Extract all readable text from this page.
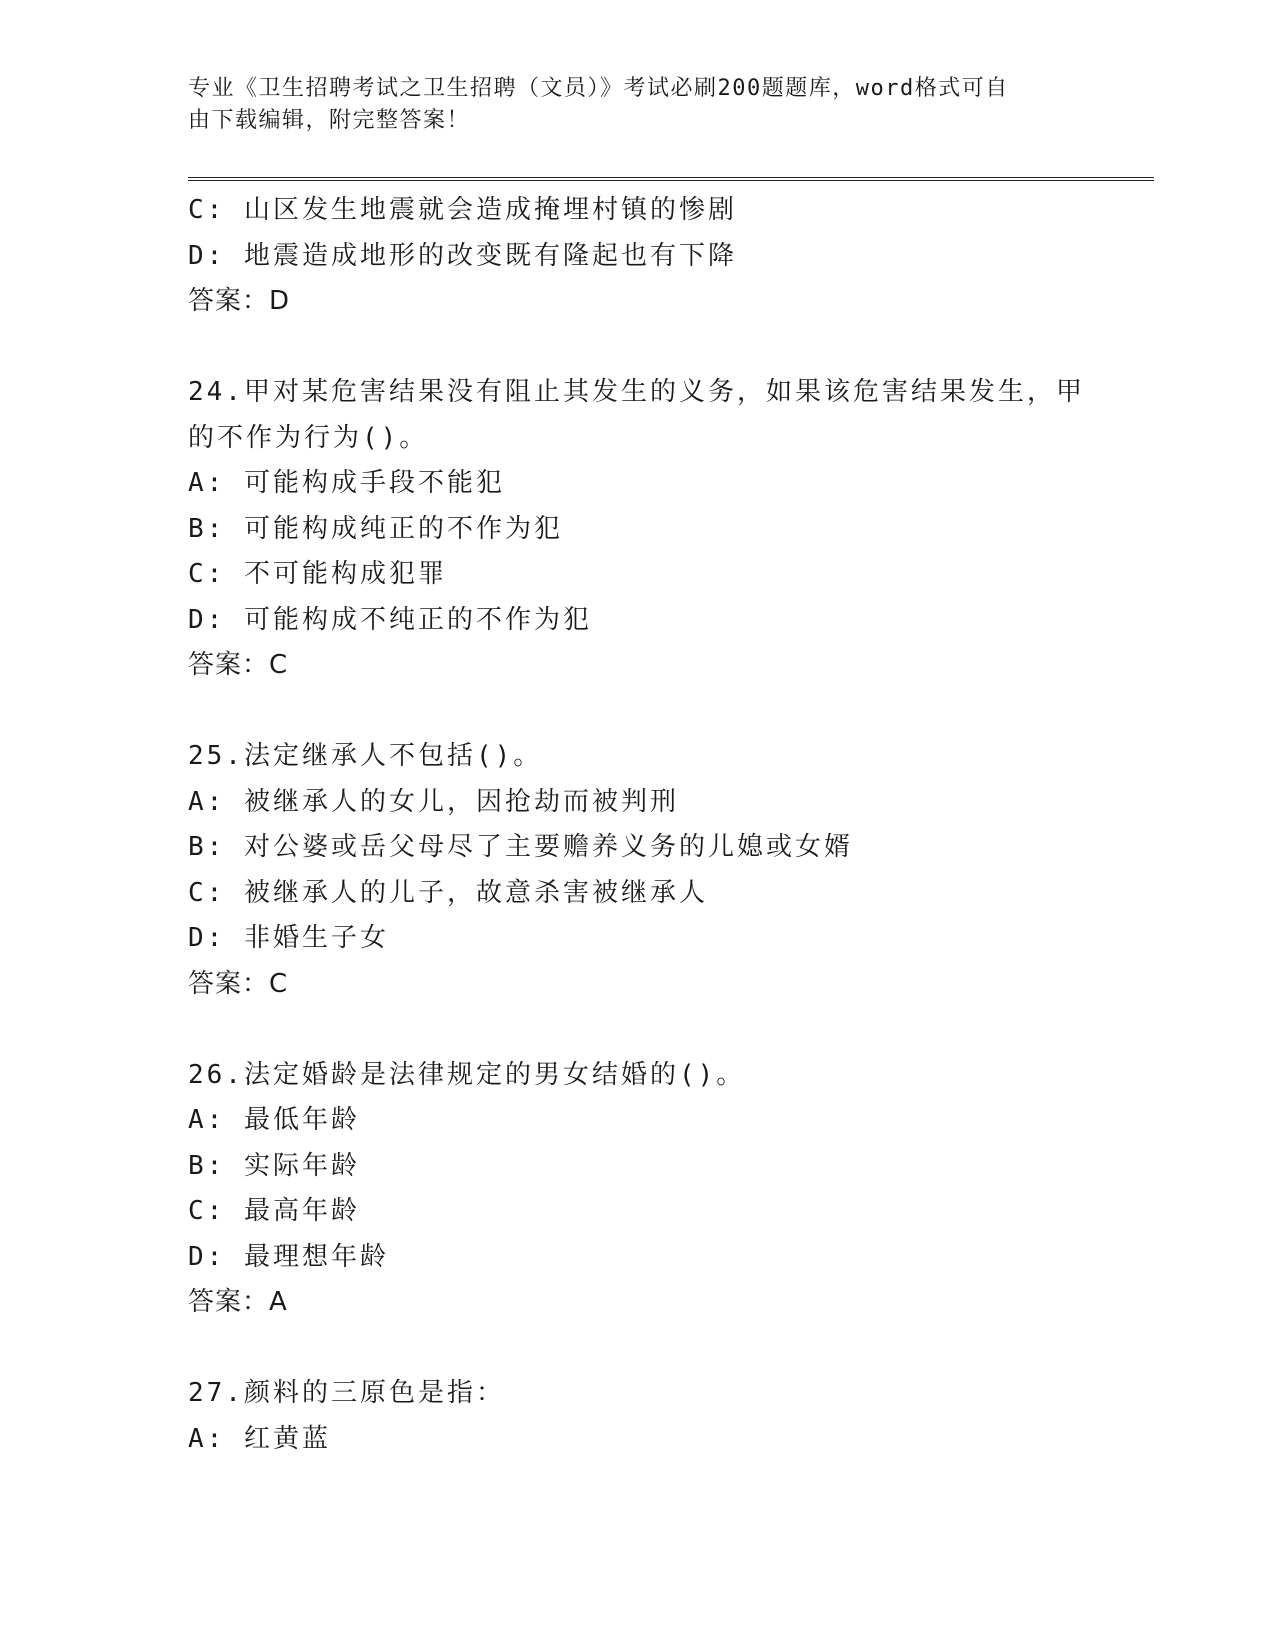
专业《卫生招聘考试之卫生招聘（文员）》考试必刷200题题库，word格式可自
由下载编辑，附完整答案！
C: 山区发生地震就会造成掩埋村镇的惨剧
D: 地震造成地形的改变既有隆起也有下降
答案：D
24.甲对某危害结果没有阻止其发生的义务，如果该危害结果发生，甲
的不作为行为()。
A: 可能构成手段不能犯
B: 可能构成纯正的不作为犯
C: 不可能构成犯罪
D: 可能构成不纯正的不作为犯
答案：C
25.法定继承人不包括()。
A: 被继承人的女儿，因抢劫而被判刑
B: 对公婆或岳父母尽了主要赡养义务的儿媳或女婿
C: 被继承人的儿子，故意杀害被继承人
D: 非婚生子女
答案：C
26.法定婚龄是法律规定的男女结婚的()。
A: 最低年龄
B: 实际年龄
C: 最高年龄
D: 最理想年龄
答案：A
27.颜料的三原色是指：
A: 红黄蓝
